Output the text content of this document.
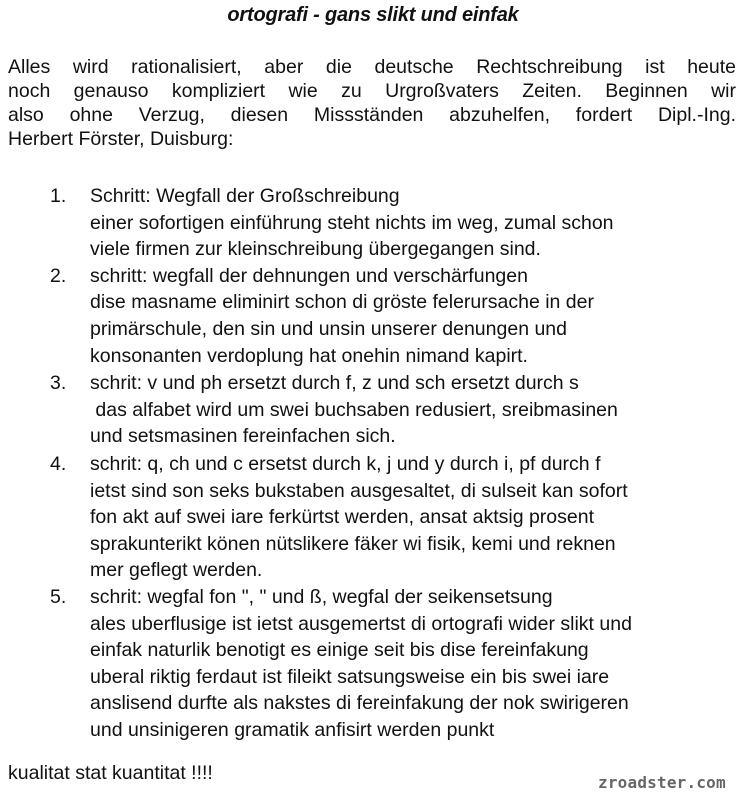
ortografi - gans slikt und einfak
Alles wird rationalisiert, aber die deutsche Rechtschreibung ist heute
noch genauso kompliziert wie zu Urgroßvaters Zeiten. Beginnen wir
also ohne Verzug, diesen Missständen abzuhelfen, fordert Dipl.-Ing.
Herbert Förster, Duisburg:
1. Schritt: Wegfall der Großschreibung
einer sofortigen einführung steht nichts im weg, zumal schon
viele firmen zur kleinschreibung übergegangen sind.
2. schritt: wegfall der dehnungen und verschärfungen
dise masname eliminirt schon di gröste felerursache in der
primärschule, den sin und unsin unserer denungen und
konsonanten verdoplung hat onehin nimand kapirt.
3. schrit: v und ph ersetzt durch f, z und sch ersetzt durch s
das alfabet wird um swei buchsaben redusiert, sreibmasinen
und setsmasinen fereinfachen sich.
4. schrit: q, ch und c ersetst durch k, j und y durch i, pf durch f
ietst sind son seks bukstaben ausgesaltet, di sulseit kan sofort
fon akt auf swei iare ferkürtst werden, ansat aktsig prosent
sprakunterikt könen nütslikere fäker wi fisik, kemi und reknen
mer geflegt werden.
5. schrit: wegfal fon ", " und ß, wegfal der seikensetsung
ales uberflusige ist ietst ausgemertst di ortografi wider slikt und
einfak naturlik benotigt es einige seit bis dise fereinfakung
uberal riktig ferdaut ist fileikt satsungsweise ein bis swei iare
anslisend durfte als nakstes di fereinfakung der nok swirigeren
und unsinigeren gramatik anfisirt werden punkt
kualitat stat kuantitat !!!!	zroadster.com
